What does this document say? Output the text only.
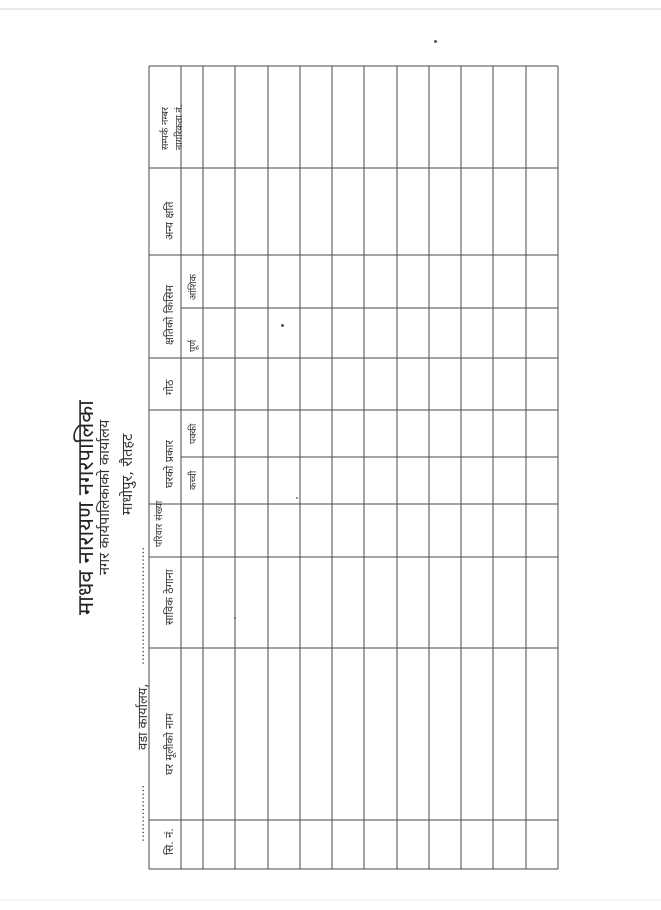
माधव नारायण नगरपालिका
नगर कार्यपालिकाको कार्यालय माधोपुर, रौतहट
...............
वडा कार्यालय,
...............................
सि. नं.
घर मूलीको नाम
साविक ठेगाना
परिवार संख्या
घरको प्रकार कच्ची
पक्की
गोठ
क्षतिको किसिम
पूर्ण
आंशिक
अन्य क्षति
सम्पर्क नम्बर नागरिकता नं.
